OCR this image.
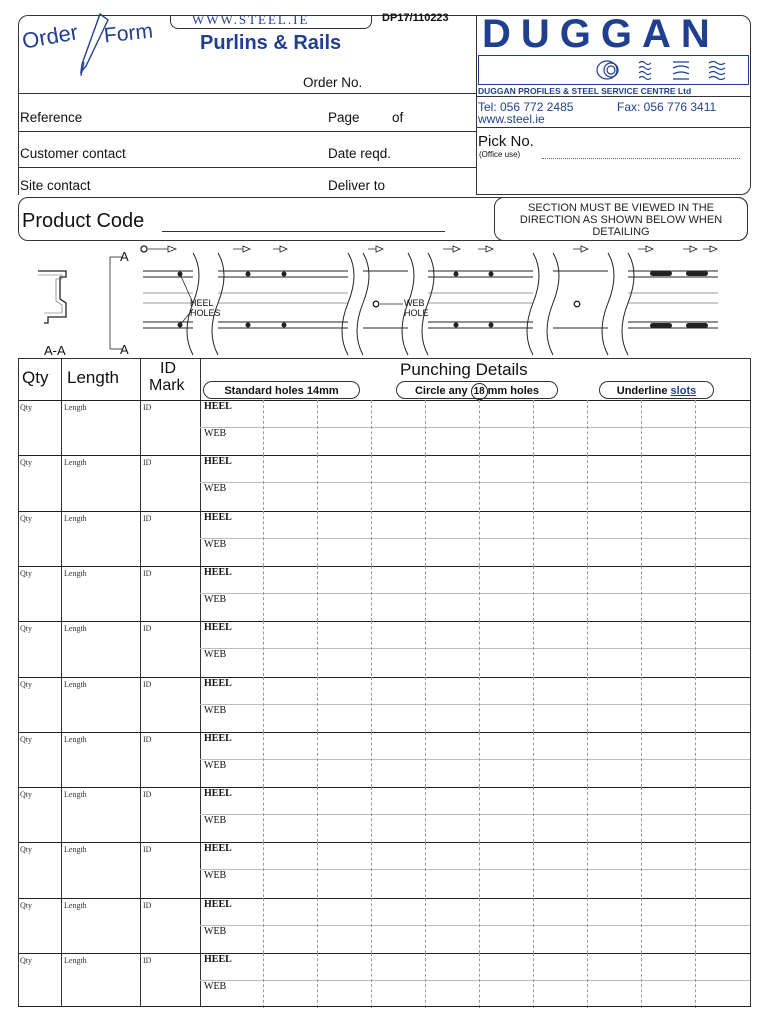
Order Form
WWW.STEEL.IE	DP17/110223
Purlins & Rails
Order No.
Reference	Page of
Customer contact	Date reqd.
Site contact	Deliver to
DUGGAN
DUGGAN PROFILES & STEEL SERVICE CENTRE Ltd
Tel: 056 772 2485	Fax: 056 776 3411
www.steel.ie
Pick No.
(Office use)
Product Code
SECTION MUST BE VIEWED IN THE DIRECTION AS SHOWN BELOW WHEN DETAILING
A
A
A-A
HEEL HOLES
WEB HOLE
Qty Length	ID
Mark
Punching Details
Standard holes 14mm	Circle any 18 mm holes	Underline slots
Qty	Length	ID	HEEL
WEB
Qty	Length	ID	HEEL
WEB
Qty	Length	ID	HEEL
WEB
Qty	Length	ID	HEEL
WEB
Qty	Length	ID	HEEL
WEB
Qty	Length	ID	HEEL
WEB
Qty	Length	ID	HEEL
WEB
Qty	Length	ID	HEEL
WEB
Qty	Length	ID	HEEL
WEB
Qty	Length	ID	HEEL
WEB
Qty	Length	ID	HEEL
WEB
